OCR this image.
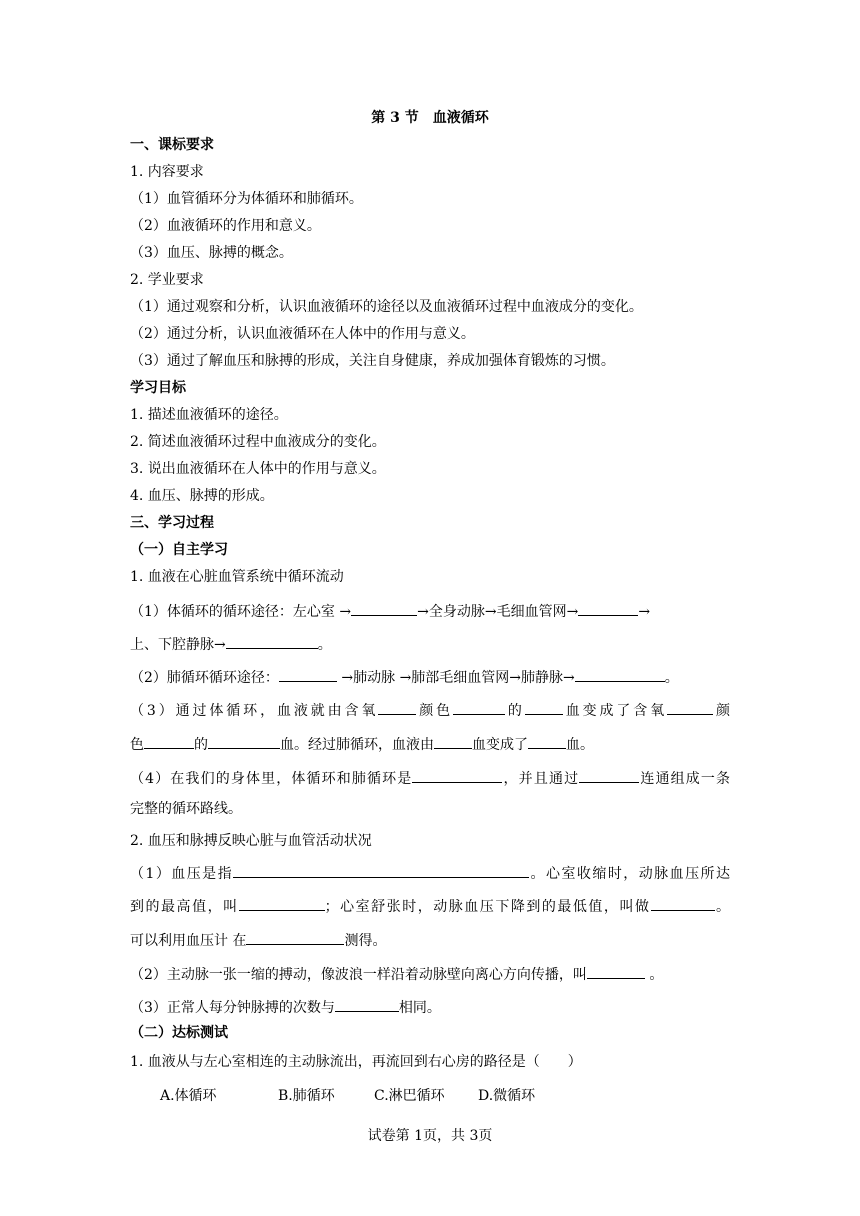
第 3 节　血液循环
一、课标要求
1. 内容要求
（1）血管循环分为体循环和肺循环。
（2）血液循环的作用和意义。
（3）血压、脉搏的概念。
2. 学业要求
（1）通过观察和分析，认识血液循环的途径以及血液循环过程中血液成分的变化。
（2）通过分析，认识血液循环在人体中的作用与意义。
（3）通过了解血压和脉搏的形成，关注自身健康，养成加强体育锻炼的习惯。
学习目标
1. 描述血液循环的途径。
2. 简述血液循环过程中血液成分的变化。
3. 说出血液循环在人体中的作用与意义。
4. 血压、脉搏的形成。
三、学习过程
（一）自主学习
1. 血液在心脏血管系统中循环流动
（1）体循环的循环途径：左心室 →	→全身动脉→毛细血管网→	→
上、下腔静脉→	。
（2）肺循环循环途径：	→肺动脉 →肺部毛细血管网→肺静脉→	。
（3）通过体循环，血液就由含氧	颜色	的	血变成了含氧	颜
色	的	血。经过肺循环，血液由	血变成了	血。
（4）在我们的身体里，体循环和肺循环是	，并且通过	连通组成一条
完整的循环路线。
2. 血压和脉搏反映心脏与血管活动状况
（1）血压是指	。心室收缩时，动脉血压所达
到的最高值，叫	；心室舒张时，动脉血压下降到的最低值，叫做	。
可以利用血压计 在	测得。
（2）主动脉一张一缩的搏动，像波浪一样沿着动脉壁向离心方向传播，叫	。
（3）正常人每分钟脉搏的次数与	相同。
（二）达标测试
1. 血液从与左心室相连的主动脉流出，再流回到右心房的路径是（　　）
A.体循环	B.肺循环	C.淋巴循环 D.微循环
试卷第 1页，共 3页
